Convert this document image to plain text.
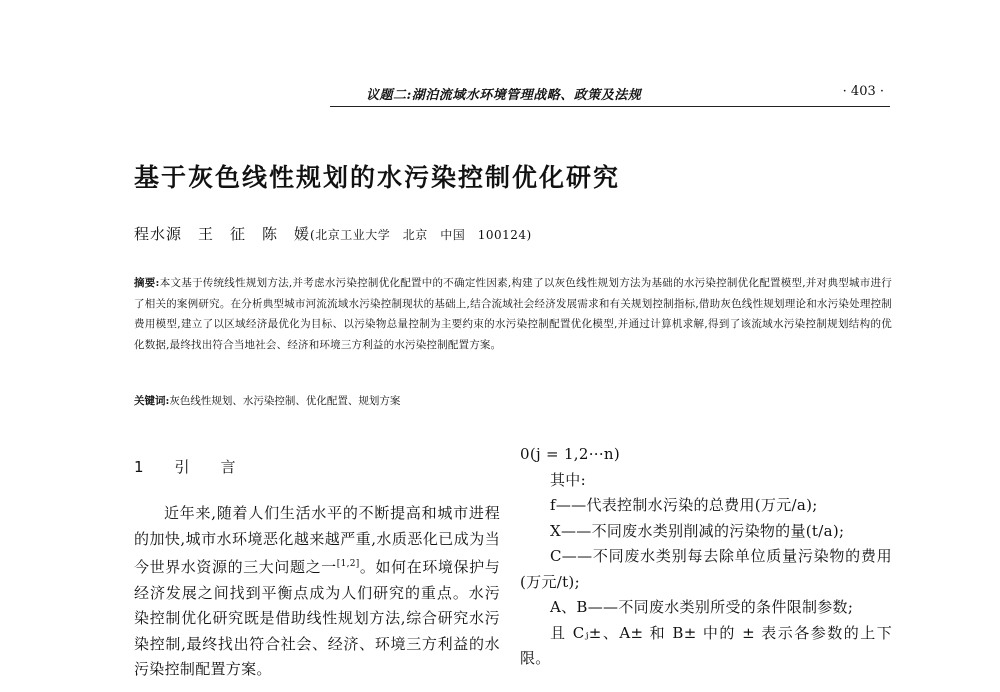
议题二:湖泊流域水环境管理战略、政策及法规	· 403 ·
基于灰色线性规划的水污染控制优化研究
程水源　王　征　陈　媛(北京工业大学　北京　中国　100124)
摘要:本文基于传统线性规划方法,并考虑水污染控制优化配置中的不确定性因素,构建了以灰色线性规划方法为基础的水污染控制优化配置模型,并对典型城市进行了相关的案例研究。在分析典型城市河流流域水污染控制现状的基础上,结合流域社会经济发展需求和有关规划控制指标,借助灰色线性规划理论和水污染处理控制费用模型,建立了以区域经济最优化为目标、以污染物总量控制为主要约束的水污染控制配置优化模型,并通过计算机求解,得到了该流域水污染控制规划结构的优化数据,最终找出符合当地社会、经济和环境三方利益的水污染控制配置方案。
关键词:灰色线性规划、水污染控制、优化配置、规划方案
1　引　言
近年来,随着人们生活水平的不断提高和城市进程的加快,城市水环境恶化越来越严重,水质恶化已成为当今世界水资源的三大问题之一[1,2]。如何在环境保护与经济发展之间找到平衡点成为人们研究的重点。水污染控制优化研究既是借助线性规划方法,综合研究水污染控制,最终找出符合社会、经济、环境三方利益的水污染控制配置方案。

0(j = 1,2···n)

其中:

f——代表控制水污染的总费用(万元/a);

X——不同废水类别削减的污染物的量(t/a);

C——不同废水类别每去除单位质量污染物的费用(万元/t);

A、B——不同废水类别所受的条件限制参数;

且 Cⱼ±、A± 和 B± 中的 ± 表示各参数的上下限。
